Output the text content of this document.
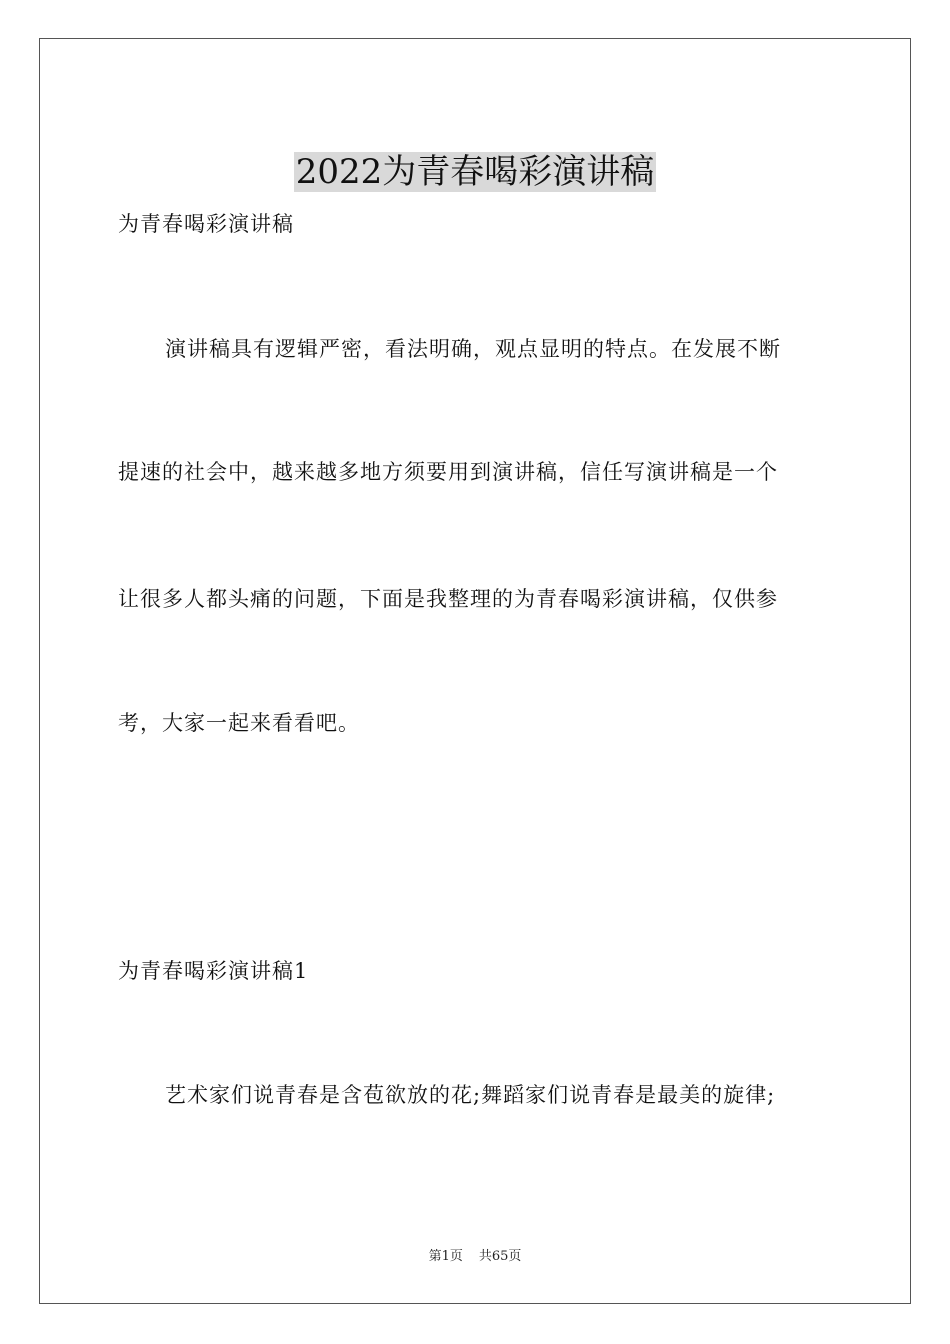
2022为青春喝彩演讲稿
为青春喝彩演讲稿
演讲稿具有逻辑严密，看法明确，观点显明的特点。在发展不断
提速的社会中，越来越多地方须要用到演讲稿，信任写演讲稿是一个
让很多人都头痛的问题，下面是我整理的为青春喝彩演讲稿，仅供参
考，大家一起来看看吧。
为青春喝彩演讲稿1
艺术家们说青春是含苞欲放的花;舞蹈家们说青春是最美的旋律;
第1页 共65页
